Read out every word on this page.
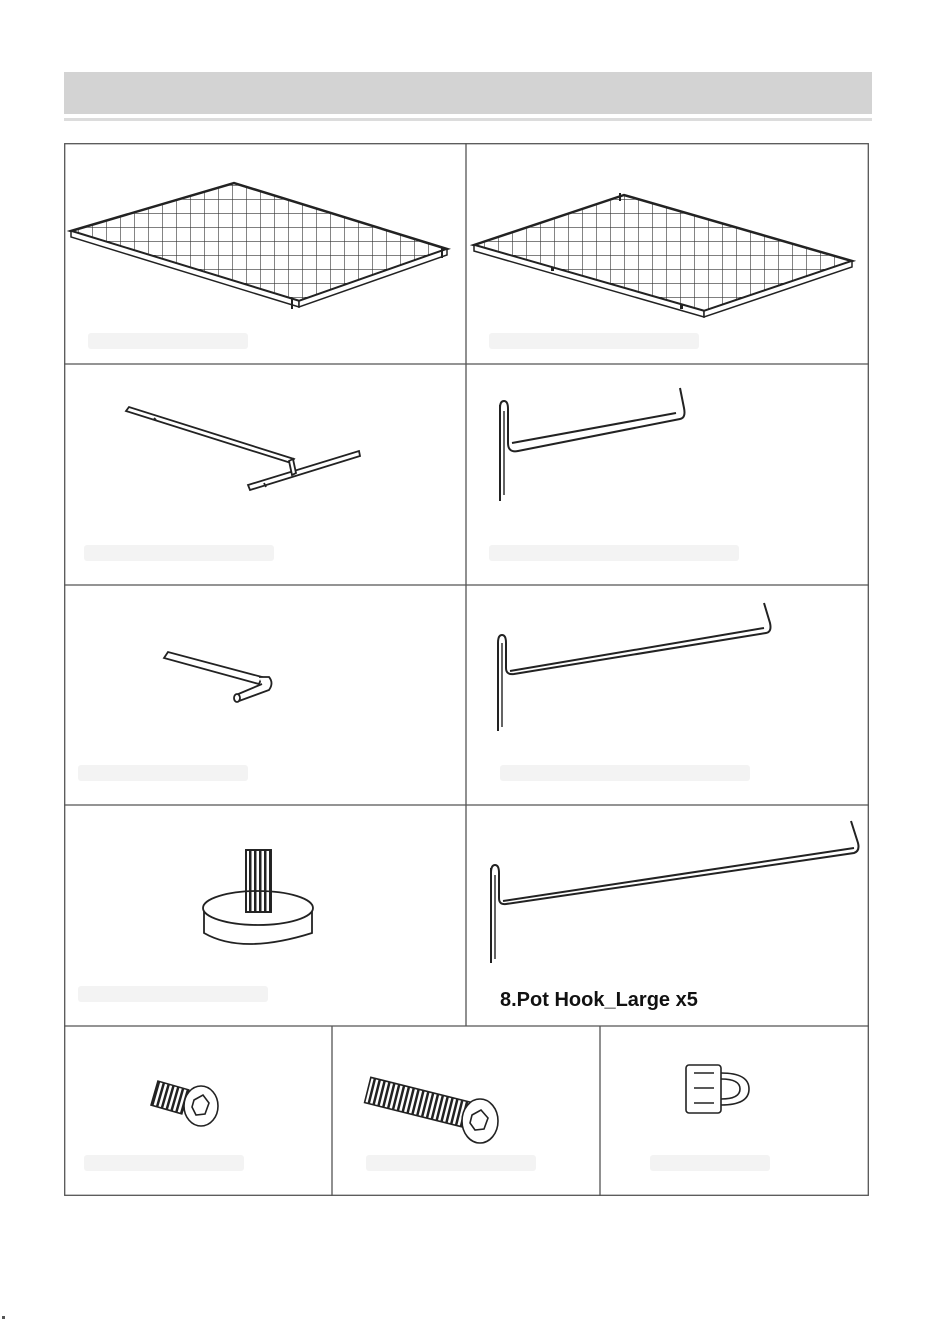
8.Pot Hook_Large x5
